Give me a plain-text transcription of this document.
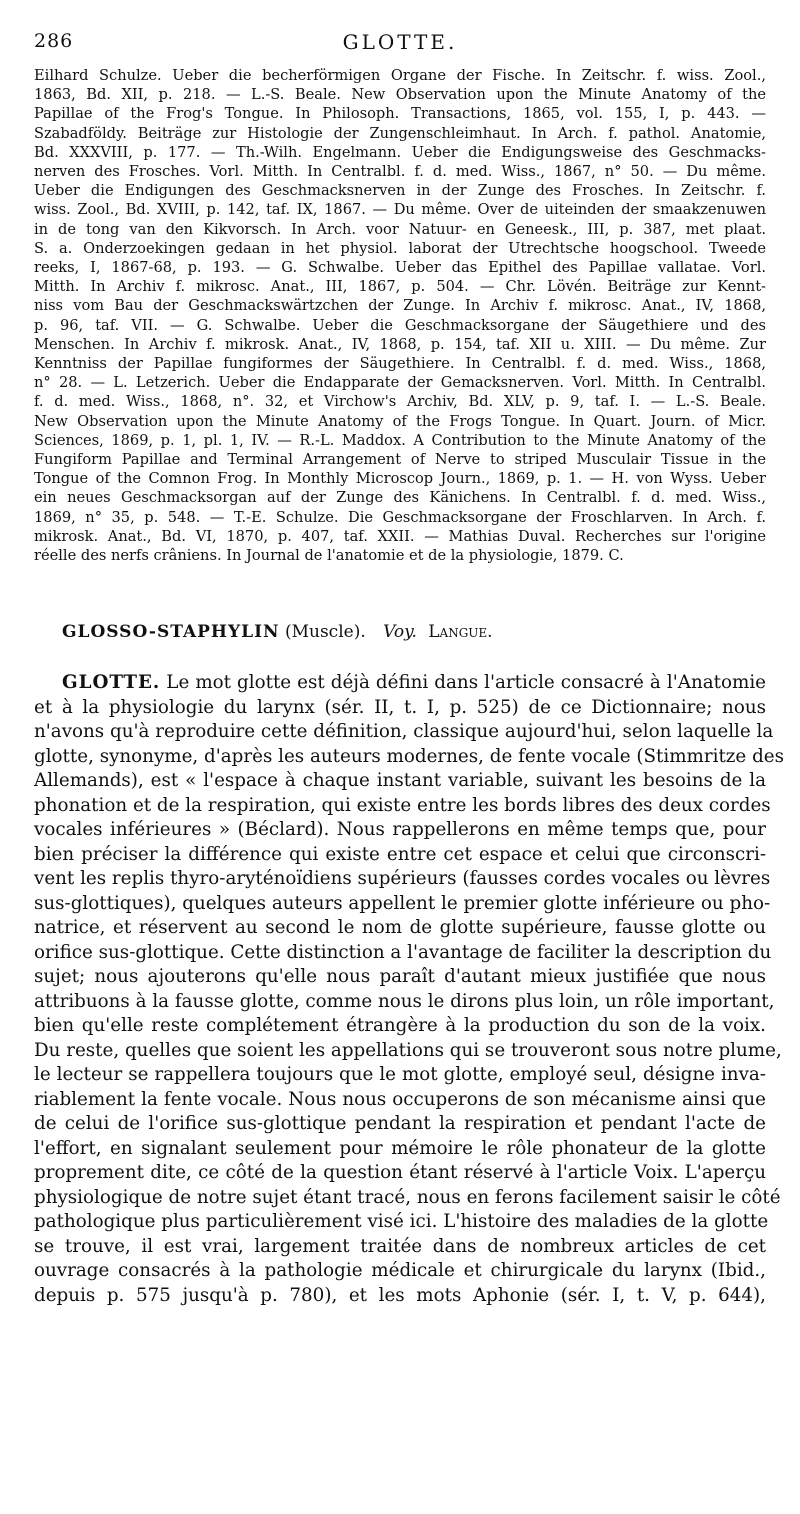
286	GLOTTE.
Eilhard Schulze. Ueber die becherförmigen Organe der Fische. In Zeitschr. f. wiss. Zool.,
1863, Bd. XII, p. 218. — L.-S. Beale. New Observation upon the Minute Anatomy of the
Papillae of the Frog's Tongue. In Philosoph. Transactions, 1865, vol. 155, I, p. 443. —
Szabadföldy. Beiträge zur Histologie der Zungenschleimhaut. In Arch. f. pathol. Anatomie,
Bd. XXXVIII, p. 177. — Th.-Wilh. Engelmann. Ueber die Endigungsweise des Geschmacks-
nerven des Frosches. Vorl. Mitth. In Centralbl. f. d. med. Wiss., 1867, n° 50. — Du même.
Ueber die Endigungen des Geschmacksnerven in der Zunge des Frosches. In Zeitschr. f.
wiss. Zool., Bd. XVIII, p. 142, taf. IX, 1867. — Du même. Over de uiteinden der smaakzenuwen
in de tong van den Kikvorsch. In Arch. voor Natuur- en Geneesk., III, p. 387, met plaat.
S. a. Onderzoekingen gedaan in het physiol. laborat der Utrechtsche hoogschool. Tweede
reeks, I, 1867-68, p. 193. — G. Schwalbe. Ueber das Epithel des Papillae vallatae. Vorl.
Mitth. In Archiv f. mikrosc. Anat., III, 1867, p. 504. — Chr. Lövén. Beiträge zur Kennt-
niss vom Bau der Geschmackswärtzchen der Zunge. In Archiv f. mikrosc. Anat., IV, 1868,
p. 96, taf. VII. — G. Schwalbe. Ueber die Geschmacksorgane der Säugethiere und des
Menschen. In Archiv f. mikrosk. Anat., IV, 1868, p. 154, taf. XII u. XIII. — Du même. Zur
Kenntniss der Papillae fungiformes der Säugethiere. In Centralbl. f. d. med. Wiss., 1868,
n° 28. — L. Letzerich. Ueber die Endapparate der Gemacksnerven. Vorl. Mitth. In Centralbl.
f. d. med. Wiss., 1868, n°. 32, et Virchow's Archiv, Bd. XLV, p. 9, taf. I. — L.-S. Beale.
New Observation upon the Minute Anatomy of the Frogs Tongue. In Quart. Journ. of Micr.
Sciences, 1869, p. 1, pl. 1, IV. — R.-L. Maddox. A Contribution to the Minute Anatomy of the
Fungiform Papillae and Terminal Arrangement of Nerve to striped Musculair Tissue in the
Tongue of the Comnon Frog. In Monthly Microscop Journ., 1869, p. 1. — H. von Wyss. Ueber
ein neues Geschmacksorgan auf der Zunge des Känichens. In Centralbl. f. d. med. Wiss.,
1869, n° 35, p. 548. — T.-E. Schulze. Die Geschmacksorgane der Froschlarven. In Arch. f.
mikrosk. Anat., Bd. VI, 1870, p. 407, taf. XXII. — Mathias Duval. Recherches sur l'origine
réelle des nerfs crâniens. In Journal de l'anatomie et de la physiologie, 1879. C.
GLOSSO-STAPHYLIN (Muscle). Voy. Langue.
GLOTTE. Le mot glotte est déjà défini dans l'article consacré à l'Anatomie
et à la physiologie du larynx (sér. II, t. I, p. 525) de ce Dictionnaire; nous
n'avons qu'à reproduire cette définition, classique aujourd'hui, selon laquelle la
glotte, synonyme, d'après les auteurs modernes, de fente vocale (Stimmritze des
Allemands), est « l'espace à chaque instant variable, suivant les besoins de la
phonation et de la respiration, qui existe entre les bords libres des deux cordes
vocales inférieures » (Béclard). Nous rappellerons en même temps que, pour
bien préciser la différence qui existe entre cet espace et celui que circonscri-
vent les replis thyro-aryténoïdiens supérieurs (fausses cordes vocales ou lèvres
sus-glottiques), quelques auteurs appellent le premier glotte inférieure ou pho-
natrice, et réservent au second le nom de glotte supérieure, fausse glotte ou
orifice sus-glottique. Cette distinction a l'avantage de faciliter la description du
sujet; nous ajouterons qu'elle nous paraît d'autant mieux justifiée que nous
attribuons à la fausse glotte, comme nous le dirons plus loin, un rôle important,
bien qu'elle reste complétement étrangère à la production du son de la voix.
Du reste, quelles que soient les appellations qui se trouveront sous notre plume,
le lecteur se rappellera toujours que le mot glotte, employé seul, désigne inva-
riablement la fente vocale. Nous nous occuperons de son mécanisme ainsi que
de celui de l'orifice sus-glottique pendant la respiration et pendant l'acte de
l'effort, en signalant seulement pour mémoire le rôle phonateur de la glotte
proprement dite, ce côté de la question étant réservé à l'article Voix. L'aperçu
physiologique de notre sujet étant tracé, nous en ferons facilement saisir le côté
pathologique plus particulièrement visé ici. L'histoire des maladies de la glotte
se trouve, il est vrai, largement traitée dans de nombreux articles de cet
ouvrage consacrés à la pathologie médicale et chirurgicale du larynx (Ibid.,
depuis p. 575 jusqu'à p. 780), et les mots Aphonie (sér. I, t. V, p. 644),
